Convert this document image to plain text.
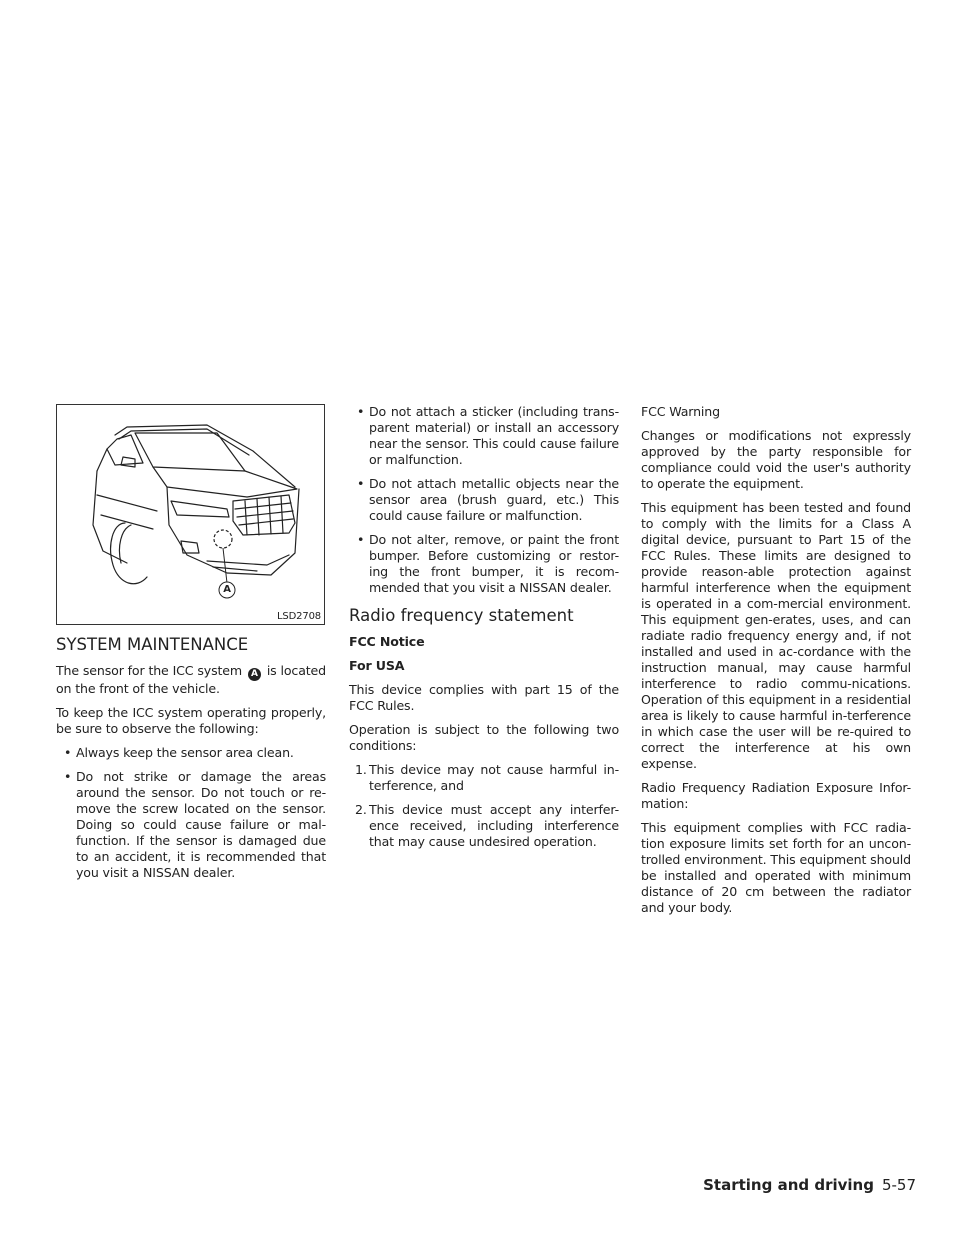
A
LSD2708
SYSTEM MAINTENANCE

The sensor for the ICC system A is located on the front of the vehicle.

To keep the ICC system operating properly, be sure to observe the following:

• Always keep the sensor area clean.
• Do not strike or damage the areas around the sensor. Do not touch or re-move the screw located on the sensor. Doing so could cause failure or mal-function. If the sensor is damaged due to an accident, it is recommended that you visit a NISSAN dealer.
• Do not attach a sticker (including trans-parent material) or install an accessory near the sensor. This could cause failure or malfunction.
• Do not attach metallic objects near the sensor area (brush guard, etc.) This could cause failure or malfunction.
• Do not alter, remove, or paint the front bumper. Before customizing or restor-ing the front bumper, it is recom-mended that you visit a NISSAN dealer.
Radio frequency statement

FCC Notice

For USA

This device complies with part 15 of the FCC Rules.

Operation is subject to the following two conditions:

1. This device may not cause harmful in-terference, and
2. This device must accept any interfer-ence received, including interference that may cause undesired operation.

FCC Warning

Changes or modifications not expressly approved by the party responsible for compliance could void the user's authority to operate the equipment.

This equipment has been tested and found to comply with the limits for a Class A digital device, pursuant to Part 15 of the FCC Rules. These limits are designed to provide reason-able protection against harmful interference when the equipment is operated in a com-mercial environment. This equipment gen-erates, uses, and can radiate radio frequency energy and, if not installed and used in ac-cordance with the instruction manual, may cause harmful interference to radio commu-nications. Operation of this equipment in a residential area is likely to cause harmful in-terference in which case the user will be re-quired to correct the interference at his own expense.

Radio Frequency Radiation Exposure Infor-mation:

This equipment complies with FCC radia-tion exposure limits set forth for an uncon-trolled environment. This equipment should be installed and operated with minimum distance of 20 cm between the radiator and your body.

Starting and driving 5-57
